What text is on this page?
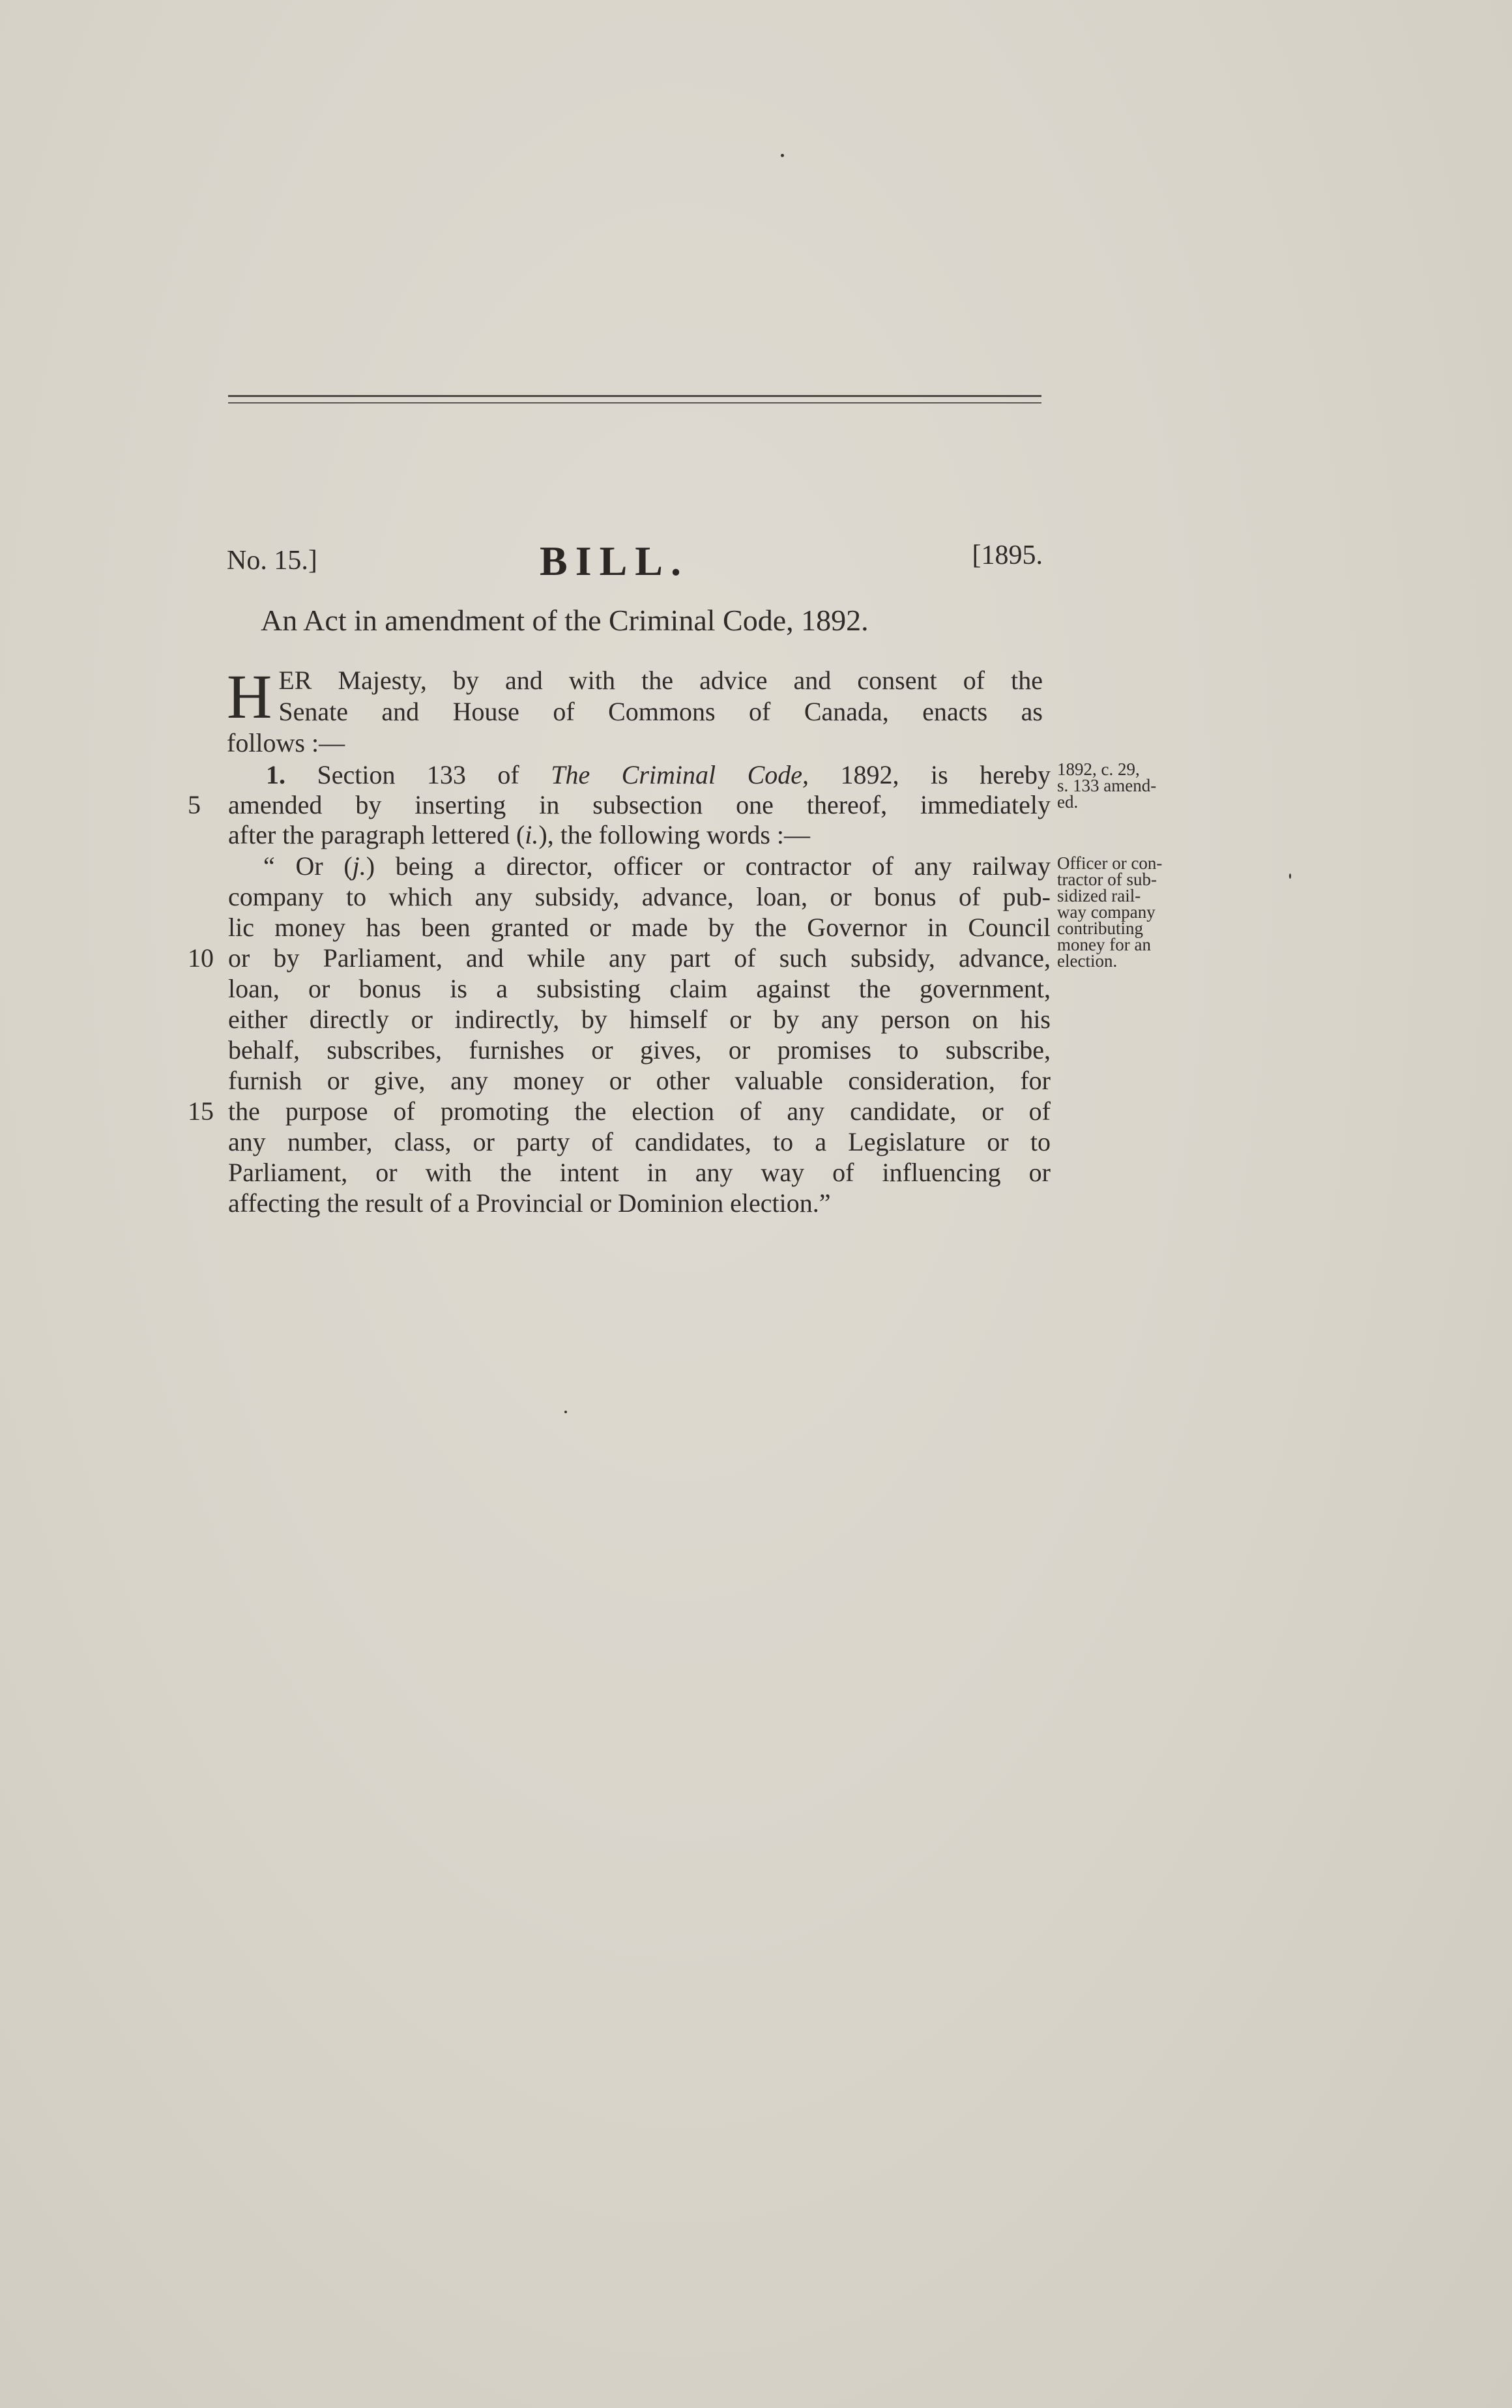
No. 15.]	BILL.	[1895.
An Act in amendment of the Criminal Code, 1892.
H ER Majesty, by and with the advice and consent of the
Senate and House of Commons of Canada, enacts as
follows :—
1. Section 133 of The Criminal Code, 1892, is hereby
5	amended by inserting in subsection one thereof, immediately
after the paragraph lettered (i.), the following words :—
“ Or (j.) being a director, officer or contractor of any railway
company to which any subsidy, advance, loan, or bonus of pub-
lic money has been granted or made by the Governor in Council
10 or by Parliament, and while any part of such subsidy, advance,
loan, or bonus is a subsisting claim against the government,
either directly or indirectly, by himself or by any person on his
behalf, subscribes, furnishes or gives, or promises to subscribe,
furnish or give, any money or other valuable consideration, for
15 the purpose of promoting the election of any candidate, or of
any number, class, or party of candidates, to a Legislature or to
Parliament, or with the intent in any way of influencing or
affecting the result of a Provincial or Dominion election.”
1892, c. 29,
s. 133 amend-
ed.
Officer or con-
tractor of sub-
sidized rail-
way company
contributing
money for an
election.
